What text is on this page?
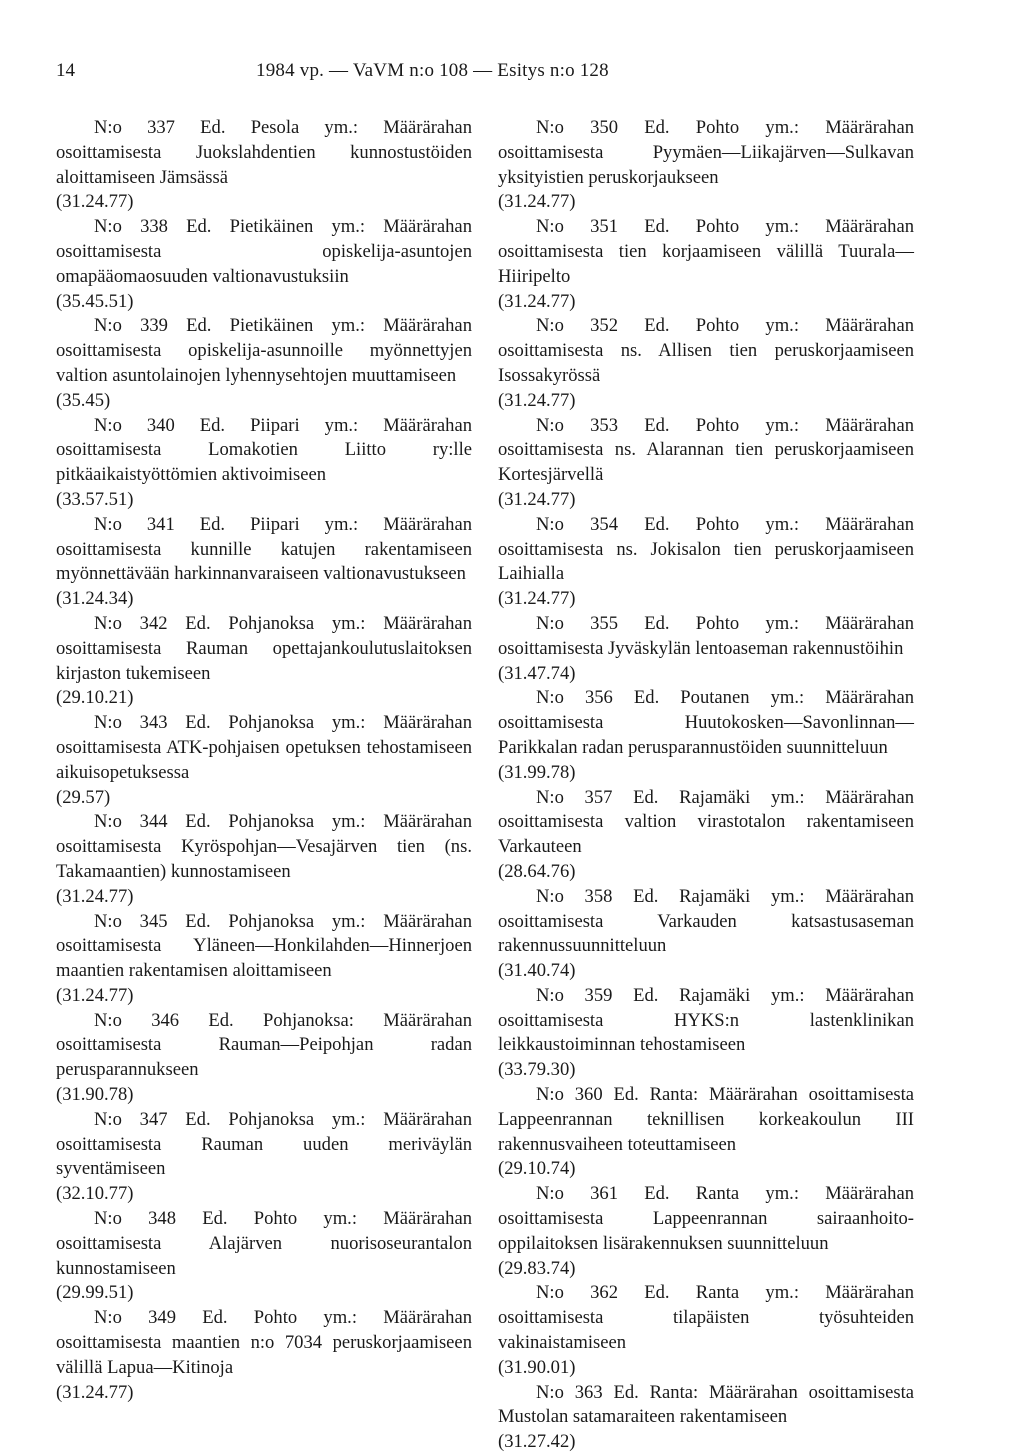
14	1984 vp. — VaVM n:o 108 — Esitys n:o 128

N:o 337 Ed. Pesola ym.: Määrärahan osoittamisesta Juokslahdentien kunnostustöiden aloittamiseen Jämsässä

(31.24.77)

N:o 338 Ed. Pietikäinen ym.: Määrärahan osoittamisesta opiskelija-asuntojen omapääomaosuuden valtionavustuksiin

(35.45.51)

N:o 339 Ed. Pietikäinen ym.: Määrärahan osoittamisesta opiskelija-asunnoille myönnettyjen valtion asuntolainojen lyhennysehtojen muuttamiseen

(35.45)

N:o 340 Ed. Piipari ym.: Määrärahan osoittamisesta Lomakotien Liitto ry:lle pitkäaikaistyöttömien aktivoimiseen

(33.57.51)

N:o 341 Ed. Piipari ym.: Määrärahan osoittamisesta kunnille katujen rakentamiseen myönnettävään harkinnanvaraiseen valtionavustukseen

(31.24.34)

N:o 342 Ed. Pohjanoksa ym.: Määrärahan osoittamisesta Rauman opettajankoulutuslaitoksen kirjaston tukemiseen

(29.10.21)

N:o 343 Ed. Pohjanoksa ym.: Määrärahan osoittamisesta ATK-pohjaisen opetuksen tehostamiseen aikuisopetuksessa

(29.57)

N:o 344 Ed. Pohjanoksa ym.: Määrärahan osoittamisesta Kyröspohjan—Vesajärven tien (ns. Takamaantien) kunnostamiseen

(31.24.77)

N:o 345 Ed. Pohjanoksa ym.: Määrärahan osoittamisesta Yläneen—Honkilahden—Hinnerjoen maantien rakentamisen aloittamiseen

(31.24.77)

N:o 346 Ed. Pohjanoksa: Määrärahan osoittamisesta Rauman—Peipohjan radan perusparannukseen

(31.90.78)

N:o 347 Ed. Pohjanoksa ym.: Määrärahan osoittamisesta Rauman uuden meriväylän syventämiseen

(32.10.77)

N:o 348 Ed. Pohto ym.: Määrärahan osoittamisesta Alajärven nuorisoseurantalon kunnostamiseen

(29.99.51)

N:o 349 Ed. Pohto ym.: Määrärahan osoittamisesta maantien n:o 7034 peruskorjaamiseen välillä Lapua—Kitinoja

(31.24.77)

N:o 350 Ed. Pohto ym.: Määrärahan osoittamisesta Pyymäen—Liikajärven—Sulkavan yksityistien peruskorjaukseen

(31.24.77)

N:o 351 Ed. Pohto ym.: Määrärahan osoittamisesta tien korjaamiseen välillä Tuurala—Hiiripelto

(31.24.77)

N:o 352 Ed. Pohto ym.: Määrärahan osoittamisesta ns. Allisen tien peruskorjaamiseen Isossakyrössä

(31.24.77)

N:o 353 Ed. Pohto ym.: Määrärahan osoittamisesta ns. Alarannan tien peruskorjaamiseen Kortesjärvellä

(31.24.77)

N:o 354 Ed. Pohto ym.: Määrärahan osoittamisesta ns. Jokisalon tien peruskorjaamiseen Laihialla

(31.24.77)

N:o 355 Ed. Pohto ym.: Määrärahan osoittamisesta Jyväskylän lentoaseman rakennustöihin

(31.47.74)

N:o 356 Ed. Poutanen ym.: Määrärahan osoittamisesta Huutokosken—Savonlinnan—Parikkalan radan perusparannustöiden suunnitteluun

(31.99.78)

N:o 357 Ed. Rajamäki ym.: Määrärahan osoittamisesta valtion virastotalon rakentamiseen Varkauteen

(28.64.76)

N:o 358 Ed. Rajamäki ym.: Määrärahan osoittamisesta Varkauden katsastusaseman rakennussuunnitteluun

(31.40.74)

N:o 359 Ed. Rajamäki ym.: Määrärahan osoittamisesta HYKS:n lastenklinikan leikkaustoiminnan tehostamiseen

(33.79.30)

N:o 360 Ed. Ranta: Määrärahan osoittamisesta Lappeenrannan teknillisen korkeakoulun III rakennusvaiheen toteuttamiseen

(29.10.74)

N:o 361 Ed. Ranta ym.: Määrärahan osoittamisesta Lappeenrannan sairaanhoito-oppilaitoksen lisärakennuksen suunnitteluun

(29.83.74)

N:o 362 Ed. Ranta ym.: Määrärahan osoittamisesta tilapäisten työsuhteiden vakinaistamiseen

(31.90.01)

N:o 363 Ed. Ranta: Määrärahan osoittamisesta Mustolan satamaraiteen rakentamiseen

(31.27.42)
